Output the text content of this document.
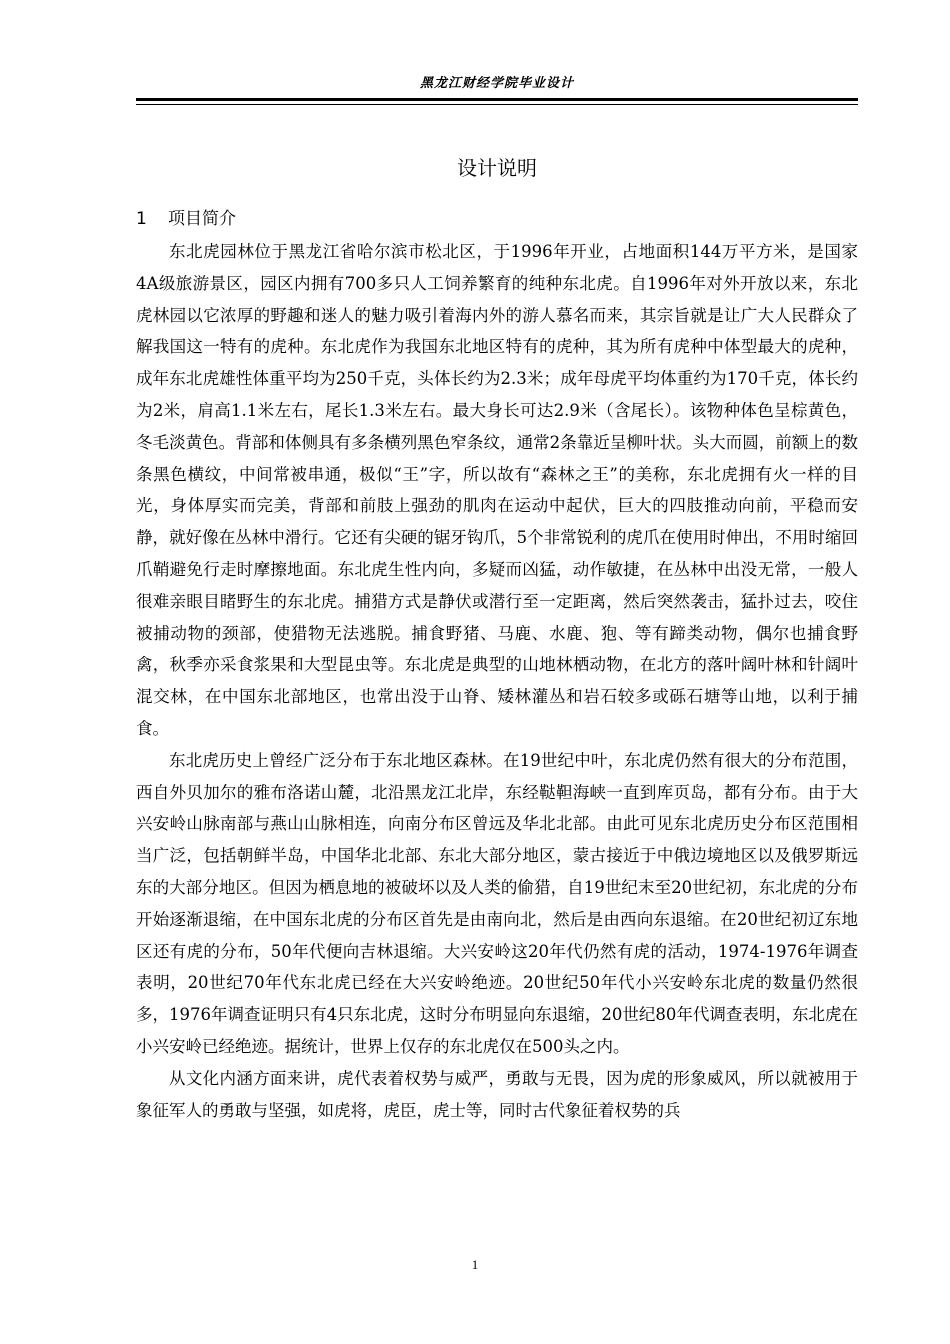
黑龙江财经学院毕业设计
设计说明
1 项目简介

东北虎园林位于黑龙江省哈尔滨市松北区，于1996年开业，占地面积144万平方米，是国家4A级旅游景区，园区内拥有700多只人工饲养繁育的纯种东北虎。自1996年对外开放以来，东北虎林园以它浓厚的野趣和迷人的魅力吸引着海内外的游人慕名而来，其宗旨就是让广大人民群众了解我国这一特有的虎种。东北虎作为我国东北地区特有的虎种，其为所有虎种中体型最大的虎种，成年东北虎雄性体重平均为250千克，头体长约为2.3米；成年母虎平均体重约为170千克，体长约为2米，肩高1.1米左右，尾长1.3米左右。最大身长可达2.9米（含尾长）。该物种体色呈棕黄色，冬毛淡黄色。背部和体侧具有多条横列黑色窄条纹，通常2条靠近呈柳叶状。头大而圆，前额上的数条黑色横纹，中间常被串通，极似“王”字，所以故有“森林之王”的美称，东北虎拥有火一样的目光，身体厚实而完美，背部和前肢上强劲的肌肉在运动中起伏，巨大的四肢推动向前，平稳而安静，就好像在丛林中滑行。它还有尖硬的锯牙钩爪，5个非常锐利的虎爪在使用时伸出，不用时缩回爪鞘避免行走时摩擦地面。东北虎生性内向，多疑而凶猛，动作敏捷，在丛林中出没无常，一般人很难亲眼目睹野生的东北虎。捕猎方式是静伏或潜行至一定距离，然后突然袭击，猛扑过去，咬住被捕动物的颈部，使猎物无法逃脱。捕食野猪、马鹿、水鹿、狍、等有蹄类动物，偶尔也捕食野禽，秋季亦采食浆果和大型昆虫等。东北虎是典型的山地林栖动物，在北方的落叶阔叶林和针阔叶混交林，在中国东北部地区，也常出没于山脊、矮林灌丛和岩石较多或砾石塘等山地，以利于捕食。

东北虎历史上曾经广泛分布于东北地区森林。在19世纪中叶，东北虎仍然有很大的分布范围，西自外贝加尔的雅布洛诺山麓，北沿黑龙江北岸，东经鞑靼海峡一直到库页岛，都有分布。由于大兴安岭山脉南部与燕山山脉相连，向南分布区曾远及华北北部。由此可见东北虎历史分布区范围相当广泛，包括朝鲜半岛，中国华北北部、东北大部分地区，蒙古接近于中俄边境地区以及俄罗斯远东的大部分地区。但因为栖息地的被破坏以及人类的偷猎，自19世纪末至20世纪初，东北虎的分布开始逐渐退缩，在中国东北虎的分布区首先是由南向北，然后是由西向东退缩。在20世纪初辽东地区还有虎的分布，50年代便向吉林退缩。大兴安岭这20年代仍然有虎的活动，1974-1976年调查表明，20世纪70年代东北虎已经在大兴安岭绝迹。20世纪50年代小兴安岭东北虎的数量仍然很多，1976年调查证明只有4只东北虎，这时分布明显向东退缩，20世纪80年代调查表明，东北虎在小兴安岭已经绝迹。据统计，世界上仅存的东北虎仅在500头之内。

从文化内涵方面来讲，虎代表着权势与威严，勇敢与无畏，因为虎的形象威风，所以就被用于象征军人的勇敢与坚强，如虎将，虎臣，虎士等，同时古代象征着权势的兵

1
